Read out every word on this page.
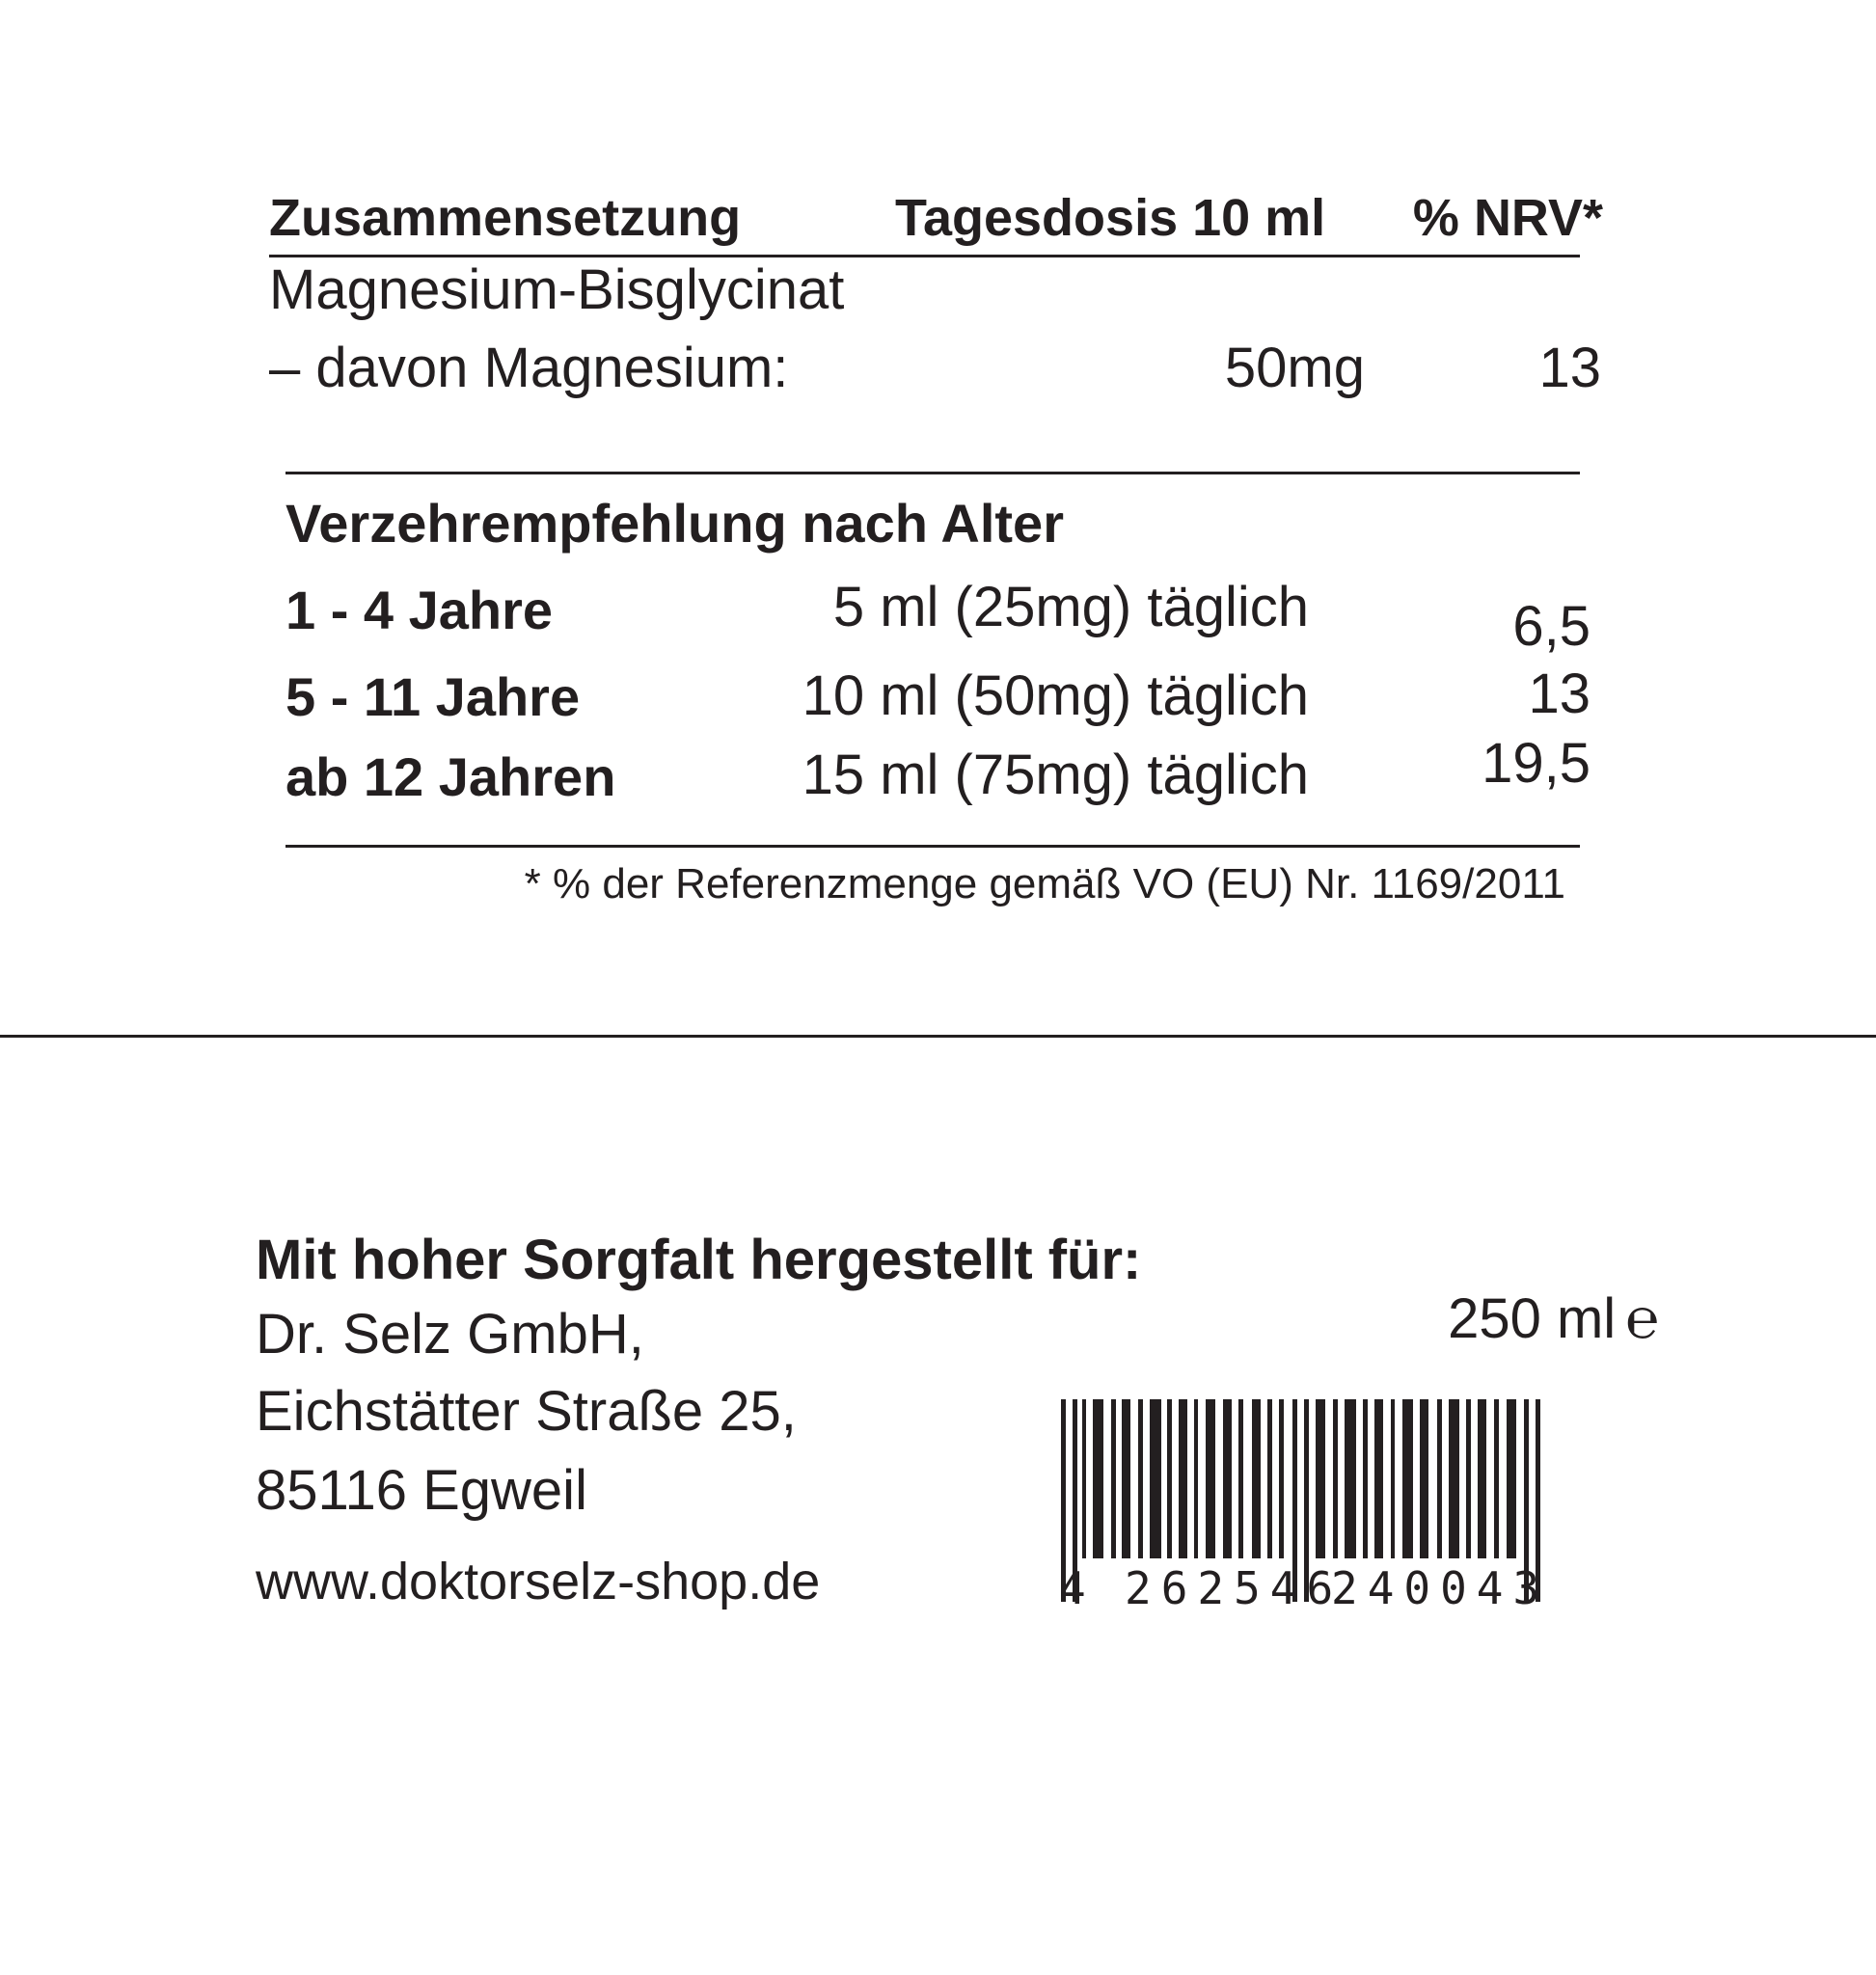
Zusammensetzung	Tagesdosis 10 ml % NRV*
Magnesium-Bisglycinat
– davon Magnesium:	50mg	13
Verzehrempfehlung nach Alter
1 - 4 Jahre	5 ml (25mg) täglich	6,5
5 - 11 Jahre	10 ml (50mg) täglich	13
ab 12 Jahren	15 ml (75mg) täglich	19,5
* % der Referenzmenge gemäß VO (EU) Nr. 1169/2011
Mit hoher Sorgfalt hergestellt für:
Dr. Selz GmbH,
Eichstätter Straße 25,
85116 Egweil
www.doktorselz-shop.de
250 ml ℮
4 262546
240043
